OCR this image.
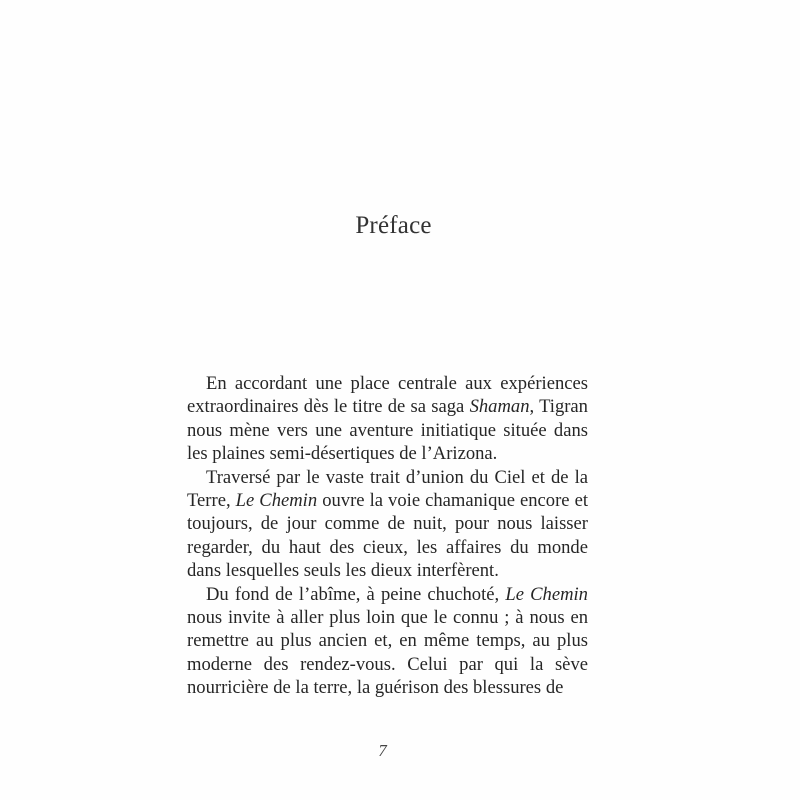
Préface

En accordant une place centrale aux expériences extraordinaires dès le titre de sa saga Shaman, Tigran nous mène vers une aventure initiatique située dans les plaines semi-désertiques de l’Arizona.

Traversé par le vaste trait d’union du Ciel et de la Terre, Le Chemin ouvre la voie chamanique encore et toujours, de jour comme de nuit, pour nous laisser regarder, du haut des cieux, les affaires du monde dans lesquelles seuls les dieux interfèrent.

Du fond de l’abîme, à peine chuchoté, Le Chemin nous invite à aller plus loin que le connu ; à nous en remettre au plus ancien et, en même temps, au plus moderne des rendez-vous. Celui par qui la sève nourricière de la terre, la guérison des blessures de

7
